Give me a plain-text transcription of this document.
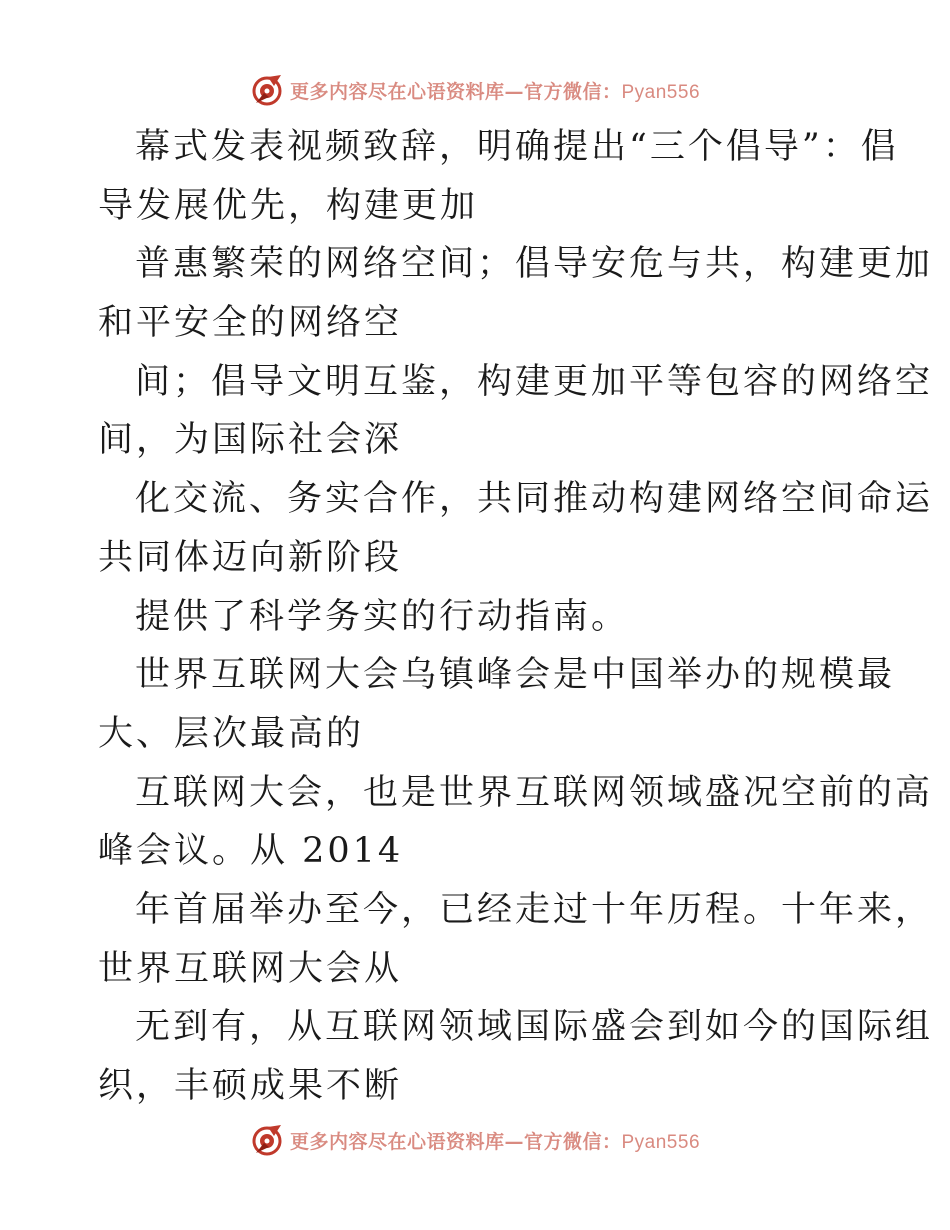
更多内容尽在心语资料库—官方微信：Pyan556
幕式发表视频致辞，明确提出“三个倡导”：倡
导发展优先，构建更加
普惠繁荣的网络空间；倡导安危与共，构建更加
和平安全的网络空
间；倡导文明互鉴，构建更加平等包容的网络空
间，为国际社会深
化交流、务实合作，共同推动构建网络空间命运
共同体迈向新阶段
提供了科学务实的行动指南。
世界互联网大会乌镇峰会是中国举办的规模最
大、层次最高的
互联网大会，也是世界互联网领域盛况空前的高
峰会议。从 2014
年首届举办至今，已经走过十年历程。十年来，
世界互联网大会从
无到有，从互联网领域国际盛会到如今的国际组
织，丰硕成果不断
更多内容尽在心语资料库—官方微信：Pyan556
